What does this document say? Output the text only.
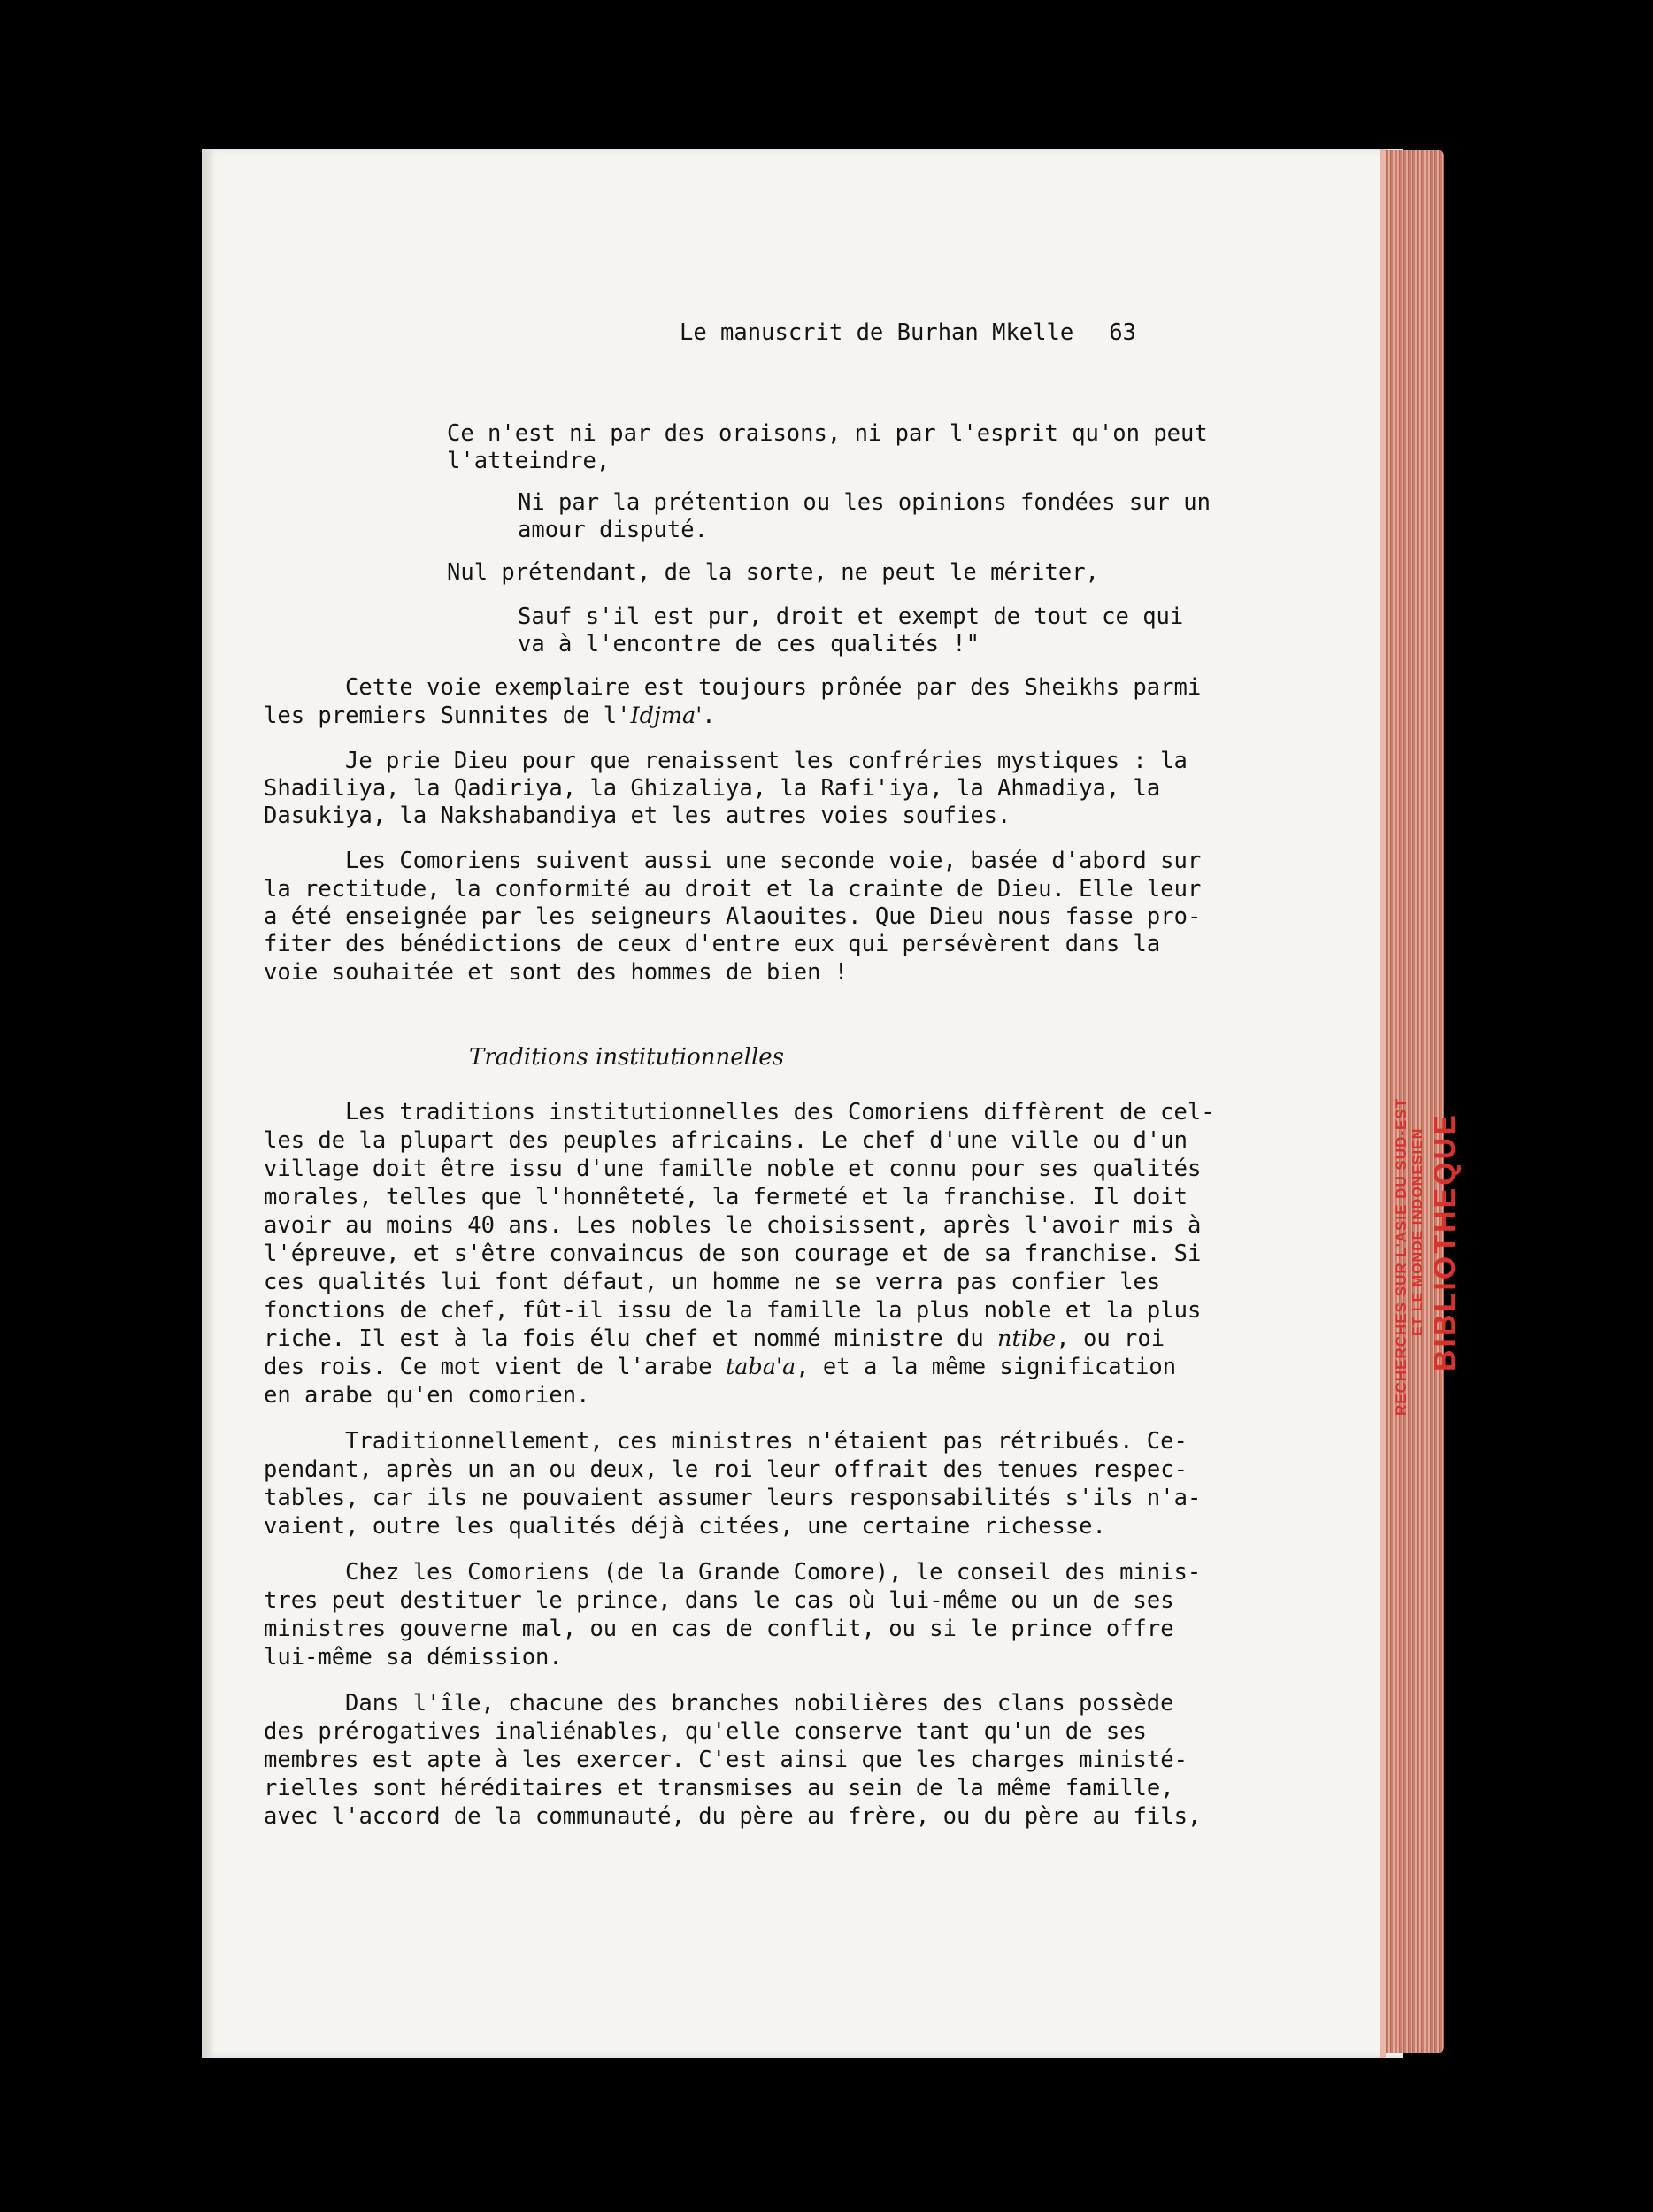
RECHERCHES SUR L'ASIE DU SUD-EST ET LE MONDE INDONESIEN BIBLIOTHEQUE
Le manuscrit de Burhan Mkelle 63
Ce n'est ni par des oraisons, ni par l'esprit qu'on peut
l'atteindre,
Ni par la prétention ou les opinions fondées sur un
amour disputé.
Nul prétendant, de la sorte, ne peut le mériter,
Sauf s'il est pur, droit et exempt de tout ce qui
va à l'encontre de ces qualités !"
Cette voie exemplaire est toujours prônée par des Sheikhs parmi
les premiers Sunnites de l'Idjma'.
Je prie Dieu pour que renaissent les confréries mystiques : la
Shadiliya, la Qadiriya, la Ghizaliya, la Rafi'iya, la Ahmadiya, la
Dasukiya, la Nakshabandiya et les autres voies soufies.
Les Comoriens suivent aussi une seconde voie, basée d'abord sur
la rectitude, la conformité au droit et la crainte de Dieu. Elle leur
a été enseignée par les seigneurs Alaouites. Que Dieu nous fasse pro-
fiter des bénédictions de ceux d'entre eux qui persévèrent dans la
voie souhaitée et sont des hommes de bien !
Traditions institutionnelles
Les traditions institutionnelles des Comoriens diffèrent de cel-
les de la plupart des peuples africains. Le chef d'une ville ou d'un
village doit être issu d'une famille noble et connu pour ses qualités
morales, telles que l'honnêteté, la fermeté et la franchise. Il doit
avoir au moins 40 ans. Les nobles le choisissent, après l'avoir mis à
l'épreuve, et s'être convaincus de son courage et de sa franchise. Si
ces qualités lui font défaut, un homme ne se verra pas confier les
fonctions de chef, fût-il issu de la famille la plus noble et la plus
riche. Il est à la fois élu chef et nommé ministre du ntibe, ou roi
des rois. Ce mot vient de l'arabe taba'a, et a la même signification
en arabe qu'en comorien.
Traditionnellement, ces ministres n'étaient pas rétribués. Ce-
pendant, après un an ou deux, le roi leur offrait des tenues respec-
tables, car ils ne pouvaient assumer leurs responsabilités s'ils n'a-
vaient, outre les qualités déjà citées, une certaine richesse.
Chez les Comoriens (de la Grande Comore), le conseil des minis-
tres peut destituer le prince, dans le cas où lui-même ou un de ses
ministres gouverne mal, ou en cas de conflit, ou si le prince offre
lui-même sa démission.
Dans l'île, chacune des branches nobilières des clans possède
des prérogatives inaliénables, qu'elle conserve tant qu'un de ses
membres est apte à les exercer. C'est ainsi que les charges ministé-
rielles sont héréditaires et transmises au sein de la même famille,
avec l'accord de la communauté, du père au frère, ou du père au fils,
